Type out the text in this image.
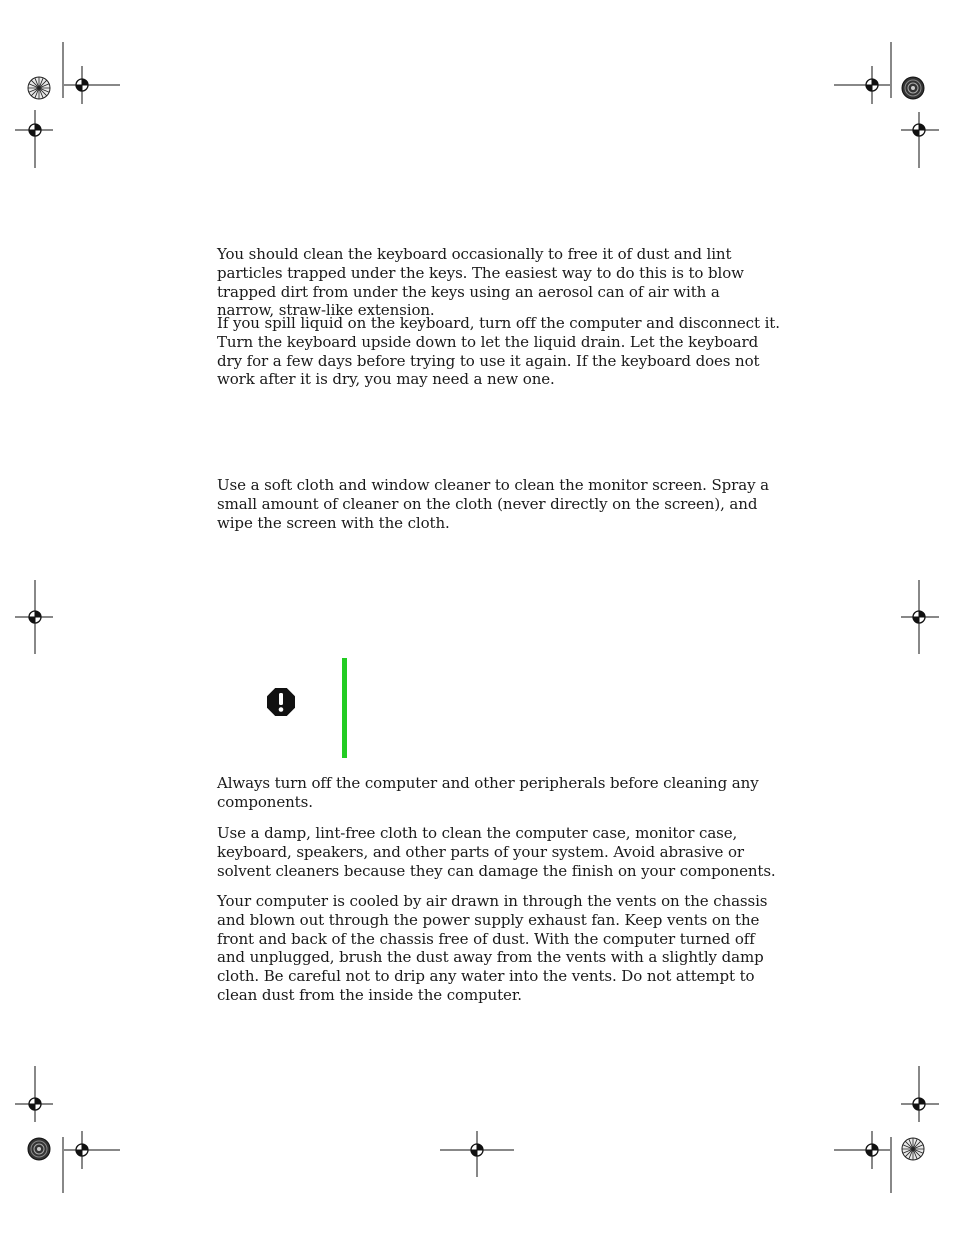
You should clean the keyboard occasionally to free it of dust and lint particles trapped under the keys. The easiest way to do this is to blow trapped dirt from under the keys using an aerosol can of air with a narrow, straw-like extension.

If you spill liquid on the keyboard, turn off the computer and disconnect it. Turn the keyboard upside down to let the liquid drain. Let the keyboard dry for a few days before trying to use it again. If the keyboard does not work after it is dry, you may need a new one.

Use a soft cloth and window cleaner to clean the monitor screen. Spray a small amount of cleaner on the cloth (never directly on the screen), and wipe the screen with the cloth.

Always turn off the computer and other peripherals before cleaning any components.

Use a damp, lint-free cloth to clean the computer case, monitor case, keyboard, speakers, and other parts of your system. Avoid abrasive or solvent cleaners because they can damage the finish on your components.

Your computer is cooled by air drawn in through the vents on the chassis and blown out through the power supply exhaust fan. Keep vents on the front and back of the chassis free of dust. With the computer turned off and unplugged, brush the dust away from the vents with a slightly damp cloth. Be careful not to drip any water into the vents. Do not attempt to clean dust from the inside the computer.
